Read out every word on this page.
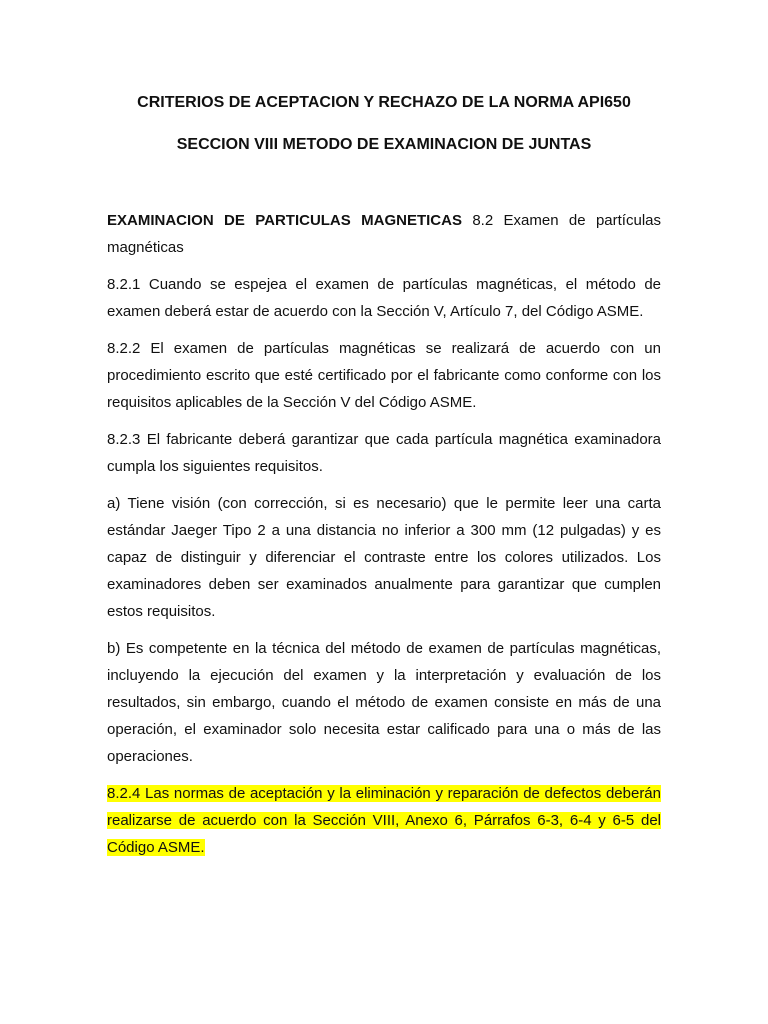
CRITERIOS DE ACEPTACION Y RECHAZO DE LA NORMA API650
SECCION VIII METODO DE EXAMINACION DE JUNTAS

EXAMINACION DE PARTICULAS MAGNETICAS 8.2 Examen de partículas magnéticas

8.2.1 Cuando se espejea el examen de partículas magnéticas, el método de examen deberá estar de acuerdo con la Sección V, Artículo 7, del Código ASME.

8.2.2 El examen de partículas magnéticas se realizará de acuerdo con un procedimiento escrito que esté certificado por el fabricante como conforme con los requisitos aplicables de la Sección V del Código ASME.

8.2.3 El fabricante deberá garantizar que cada partícula magnética examinadora cumpla los siguientes requisitos.

a) Tiene visión (con corrección, si es necesario) que le permite leer una carta estándar Jaeger Tipo 2 a una distancia no inferior a 300 mm (12 pulgadas) y es capaz de distinguir y diferenciar el contraste entre los colores utilizados. Los examinadores deben ser examinados anualmente para garantizar que cumplen estos requisitos.

b) Es competente en la técnica del método de examen de partículas magnéticas, incluyendo la ejecución del examen y la interpretación y evaluación de los resultados, sin embargo, cuando el método de examen consiste en más de una operación, el examinador solo necesita estar calificado para una o más de las operaciones.

8.2.4 Las normas de aceptación y la eliminación y reparación de defectos deberán realizarse de acuerdo con la Sección VIII, Anexo 6, Párrafos 6-3, 6-4 y 6-5 del Código ASME.
